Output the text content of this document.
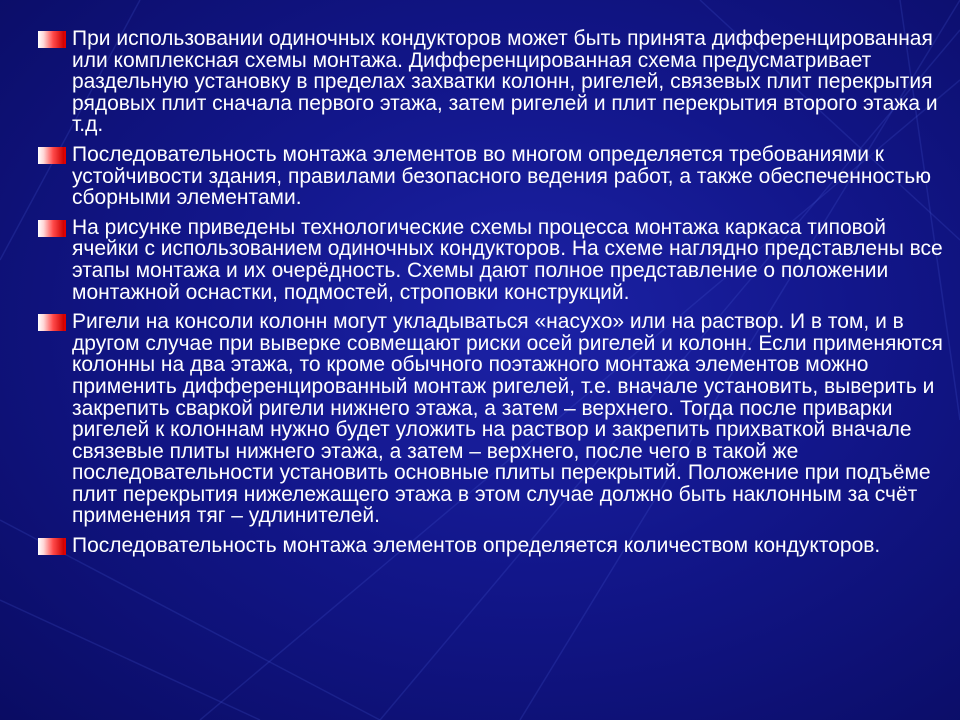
При использовании одиночных кондукторов может быть принята дифференцированная или комплексная схемы монтажа. Дифференцированная схема предусматривает раздельную установку в пределах захватки колонн, ригелей, связевых плит перекрытия рядовых плит сначала первого этажа, затем ригелей и плит перекрытия второго этажа и т.д.
Последовательность монтажа элементов во многом определяется требованиями к устойчивости здания, правилами безопасного ведения работ, а также обеспеченностью сборными элементами.
На рисунке приведены технологические схемы процесса монтажа каркаса типовой ячейки с использованием одиночных кондукторов. На схеме наглядно представлены все этапы монтажа и их очерёдность. Схемы дают полное представление о положении монтажной оснастки, подмостей, строповки конструкций.
Ригели на консоли колонн могут укладываться «насухо» или на раствор. И в том, и в другом случае при выверке совмещают риски осей ригелей и колонн. Если применяются колонны на два этажа, то кроме обычного поэтажного монтажа элементов можно применить дифференцированный монтаж ригелей, т.е. вначале установить, выверить и закрепить сваркой ригели нижнего этажа, а затем – верхнего. Тогда после приварки ригелей к колоннам нужно будет уложить на раствор и закрепить прихваткой вначале связевые плиты нижнего этажа, а затем – верхнего, после чего в такой же последовательности установить основные плиты перекрытий. Положение при подъёме плит перекрытия нижележащего этажа в этом случае должно быть наклонным за счёт применения тяг – удлинителей.
Последовательность монтажа элементов определяется количеством кондукторов.
